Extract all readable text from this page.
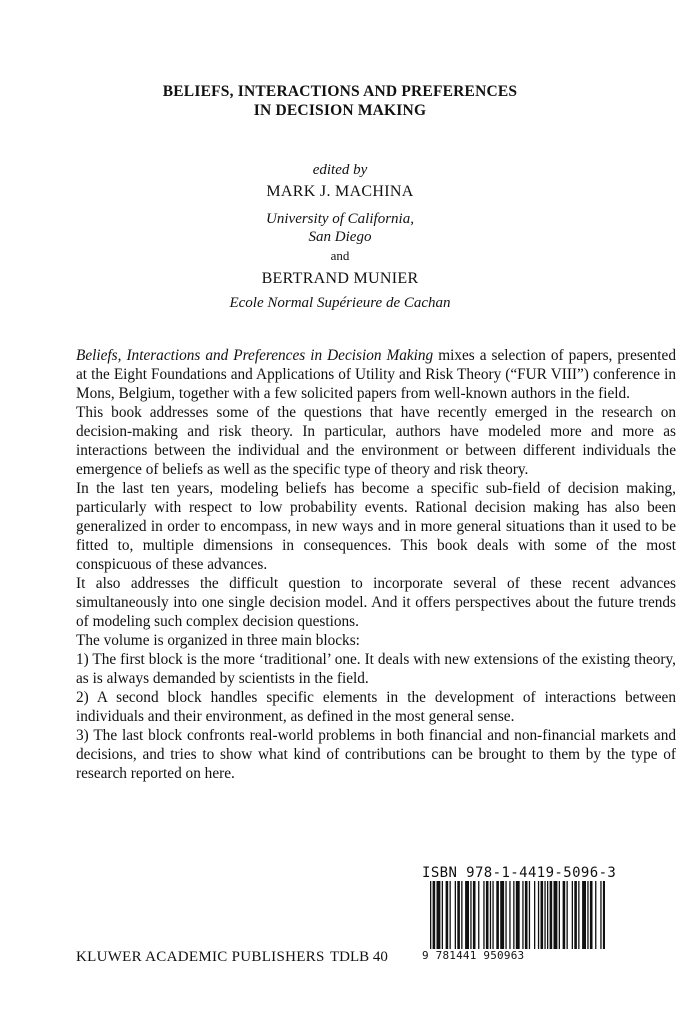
BELIEFS, INTERACTIONS AND PREFERENCES
IN DECISION MAKING
edited by
MARK J. MACHINA
University of California,
San Diego
and
BERTRAND MUNIER
Ecole Normal Supérieure de Cachan

Beliefs, Interactions and Preferences in Decision Making mixes a selection of papers, presented at the Eight Foundations and Applications of Utility and Risk Theory (“FUR VIII”) conference in Mons, Belgium, together with a few solicited papers from well-known authors in the field.

This book addresses some of the questions that have recently emerged in the research on decision-making and risk theory. In particular, authors have modeled more and more as interactions between the individual and the environment or between different individuals the emergence of beliefs as well as the specific type of theory and risk theory.

In the last ten years, modeling beliefs has become a specific sub-field of decision making, particularly with respect to low probability events. Rational decision making has also been generalized in order to encompass, in new ways and in more general situations than it used to be fitted to, multiple dimensions in consequences. This book deals with some of the most conspicuous of these advances.

It also addresses the difficult question to incorporate several of these recent advances simultaneously into one single decision model. And it offers perspectives about the future trends of modeling such complex decision questions.

The volume is organized in three main blocks:

1) The first block is the more ‘traditional’ one. It deals with new extensions of the existing theory, as is always demanded by scientists in the field.

2) A second block handles specific elements in the development of interactions between individuals and their environment, as defined in the most general sense.

3) The last block confronts real-world problems in both financial and non-financial markets and decisions, and tries to show what kind of contributions can be brought to them by the type of research reported on here.

ISBN 978-1-4419-5096-3
9 781441 950963
KLUWER ACADEMIC PUBLISHERS TDLB 40
